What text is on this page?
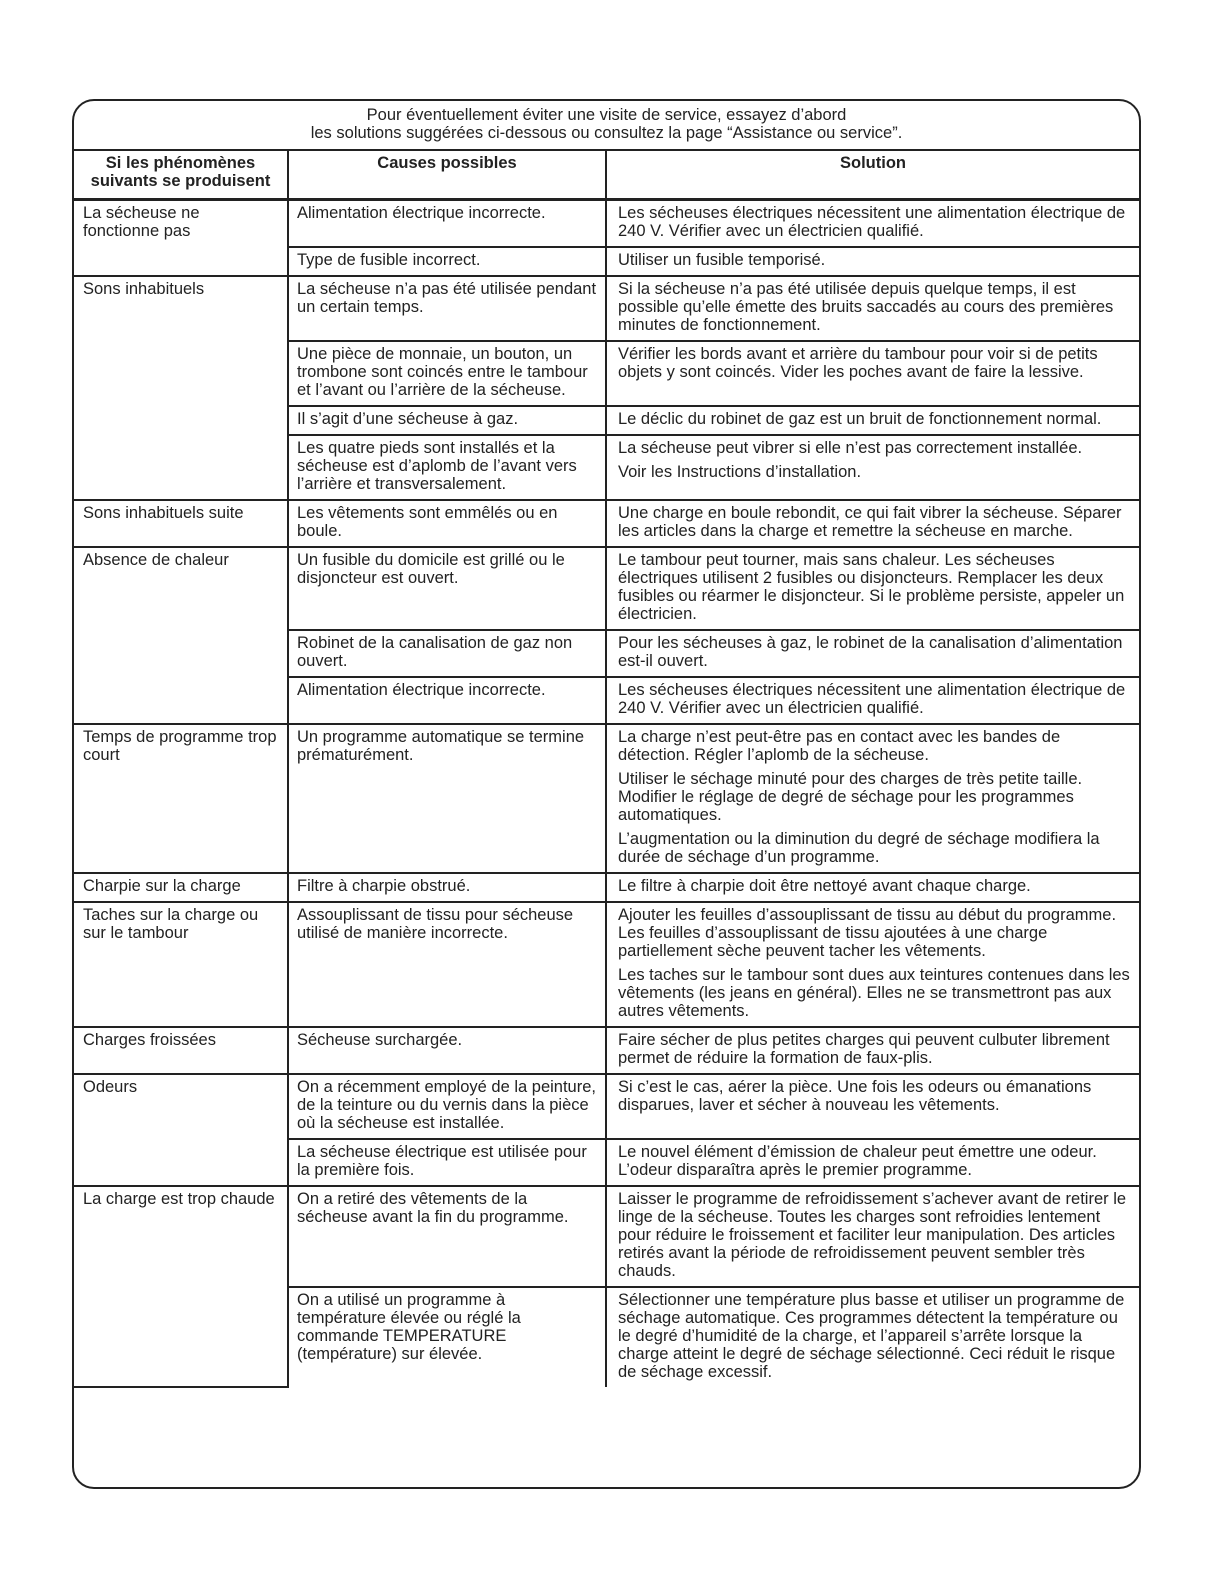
Pour éventuellement éviter une visite de service, essayez d’abord
les solutions suggérées ci-dessous ou consultez la page “Assistance ou service”.
Si les phénomènes suivants se produisent	Causes possibles	Solution
La sécheuse ne fonctionne pas	Alimentation électrique incorrecte.	Les sécheuses électriques nécessitent une alimentation électrique de 240 V. Vérifier avec un électricien qualifié.

	Type de fusible incorrect.	Utiliser un fusible temporisé.

Sons inhabituels	La sécheuse n’a pas été utilisée pendant un certain temps.	Si la sécheuse n’a pas été utilisée depuis quelque temps, il est possible qu’elle émette des bruits saccadés au cours des premières minutes de fonctionnement.

	Une pièce de monnaie, un bouton, un trombone sont coincés entre le tambour et l’avant ou l’arrière de la sécheuse.	Vérifier les bords avant et arrière du tambour pour voir si de petits objets y sont coincés. Vider les poches avant de faire la lessive.

	Il s’agit d’une sécheuse à gaz.	Le déclic du robinet de gaz est un bruit de fonctionnement normal.

	Les quatre pieds sont installés et la sécheuse est d’aplomb de l’avant vers l’arrière et transversalement.	La sécheuse peut vibrer si elle n’est pas correctement installée.

Voir les Instructions d’installation.

Sons inhabituels suite	Les vêtements sont emmêlés ou en boule.	Une charge en boule rebondit, ce qui fait vibrer la sécheuse. Séparer les articles dans la charge et remettre la sécheuse en marche.

Absence de chaleur	Un fusible du domicile est grillé ou le disjoncteur est ouvert.	Le tambour peut tourner, mais sans chaleur. Les sécheuses électriques utilisent 2 fusibles ou disjoncteurs. Remplacer les deux fusibles ou réarmer le disjoncteur. Si le problème persiste, appeler un électricien.

	Robinet de la canalisation de gaz non ouvert.	Pour les sécheuses à gaz, le robinet de la canalisation d’alimentation est-il ouvert.

	Alimentation électrique incorrecte.	Les sécheuses électriques nécessitent une alimentation électrique de 240 V. Vérifier avec un électricien qualifié.

Temps de programme trop court	Un programme automatique se termine prématurément.	La charge n’est peut-être pas en contact avec les bandes de détection. Régler l’aplomb de la sécheuse.

Utiliser le séchage minuté pour des charges de très petite taille. Modifier le réglage de degré de séchage pour les programmes automatiques.

L’augmentation ou la diminution du degré de séchage modifiera la durée de séchage d’un programme.

Charpie sur la charge	Filtre à charpie obstrué.	Le filtre à charpie doit être nettoyé avant chaque charge.

Taches sur la charge ou sur le tambour	Assouplissant de tissu pour sécheuse utilisé de manière incorrecte.	Ajouter les feuilles d’assouplissant de tissu au début du programme. Les feuilles d’assouplissant de tissu ajoutées à une charge partiellement sèche peuvent tacher les vêtements.

Les taches sur le tambour sont dues aux teintures contenues dans les vêtements (les jeans en général). Elles ne se transmettront pas aux autres vêtements.

Charges froissées	Sécheuse surchargée.	Faire sécher de plus petites charges qui peuvent culbuter librement permet de réduire la formation de faux-plis.

Odeurs	On a récemment employé de la peinture, de la teinture ou du vernis dans la pièce où la sécheuse est installée.	Si c’est le cas, aérer la pièce. Une fois les odeurs ou émanations disparues, laver et sécher à nouveau les vêtements.

	La sécheuse électrique est utilisée pour la première fois.	Le nouvel élément d’émission de chaleur peut émettre une odeur. L’odeur disparaîtra après le premier programme.

La charge est trop chaude	On a retiré des vêtements de la sécheuse avant la fin du programme.	Laisser le programme de refroidissement s’achever avant de retirer le linge de la sécheuse. Toutes les charges sont refroidies lentement pour réduire le froissement et faciliter leur manipulation. Des articles retirés avant la période de refroidissement peuvent sembler très chauds.

	On a utilisé un programme à température élevée ou réglé la commande TEMPERATURE (température) sur élevée.	Sélectionner une température plus basse et utiliser un programme de séchage automatique. Ces programmes détectent la température ou le degré d’humidité de la charge, et l’appareil s’arrête lorsque la charge atteint le degré de séchage sélectionné. Ceci réduit le risque de séchage excessif.
